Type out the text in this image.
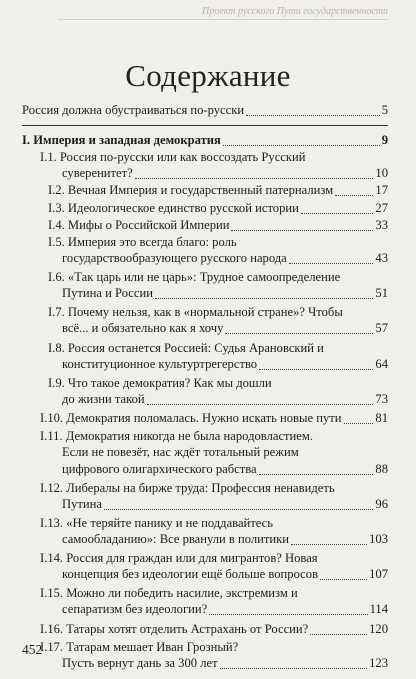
Проект русского Пути государственности
Содержание
Россия должна обустраиваться по-русски	5
I. Империя и западная демократия	9
I.1. Россия по-русски или как воссоздать Русский
суверенитет?	10
I.2. Вечная Империя и государственный патернализм	17
I.3. Идеологическое единство русской истории	27
I.4. Мифы о Российской Империи	33
I.5. Империя это всегда благо: роль
государствообразующего русского народа	43
I.6. «Так царь или не царь»: Трудное самоопределение
Путина и России	51
I.7. Почему нельзя, как в «нормальной стране»? Чтобы
всё... и обязательно как я хочу	57
I.8. Россия останется Россией: Судья Арановский и
конституционное культуртрегерство	64
I.9. Что такое демократия? Как мы дошли
до жизни такой	73
I.10. Демократия поломалась. Нужно искать новые пути	81
I.11. Демократия никогда не была народовластием.
Если не повезёт, нас ждёт тотальный режим
цифрового олигархического рабства	88
I.12. Либералы на бирже труда: Профессия ненавидеть
Путина	96
I.13. «Не теряйте панику и не поддавайтесь
самообладанию»: Все рванули в политики	103
I.14. Россия для граждан или для мигрантов? Новая
концепция без идеологии ещё больше вопросов	107
I.15. Можно ли победить насилие, экстремизм и
сепаратизм без идеологии?	114
I.16. Татары хотят отделить Астрахань от России?	120
I.17. Татарам мешает Иван Грозный?
Пусть вернут дань за 300 лет	123
452
